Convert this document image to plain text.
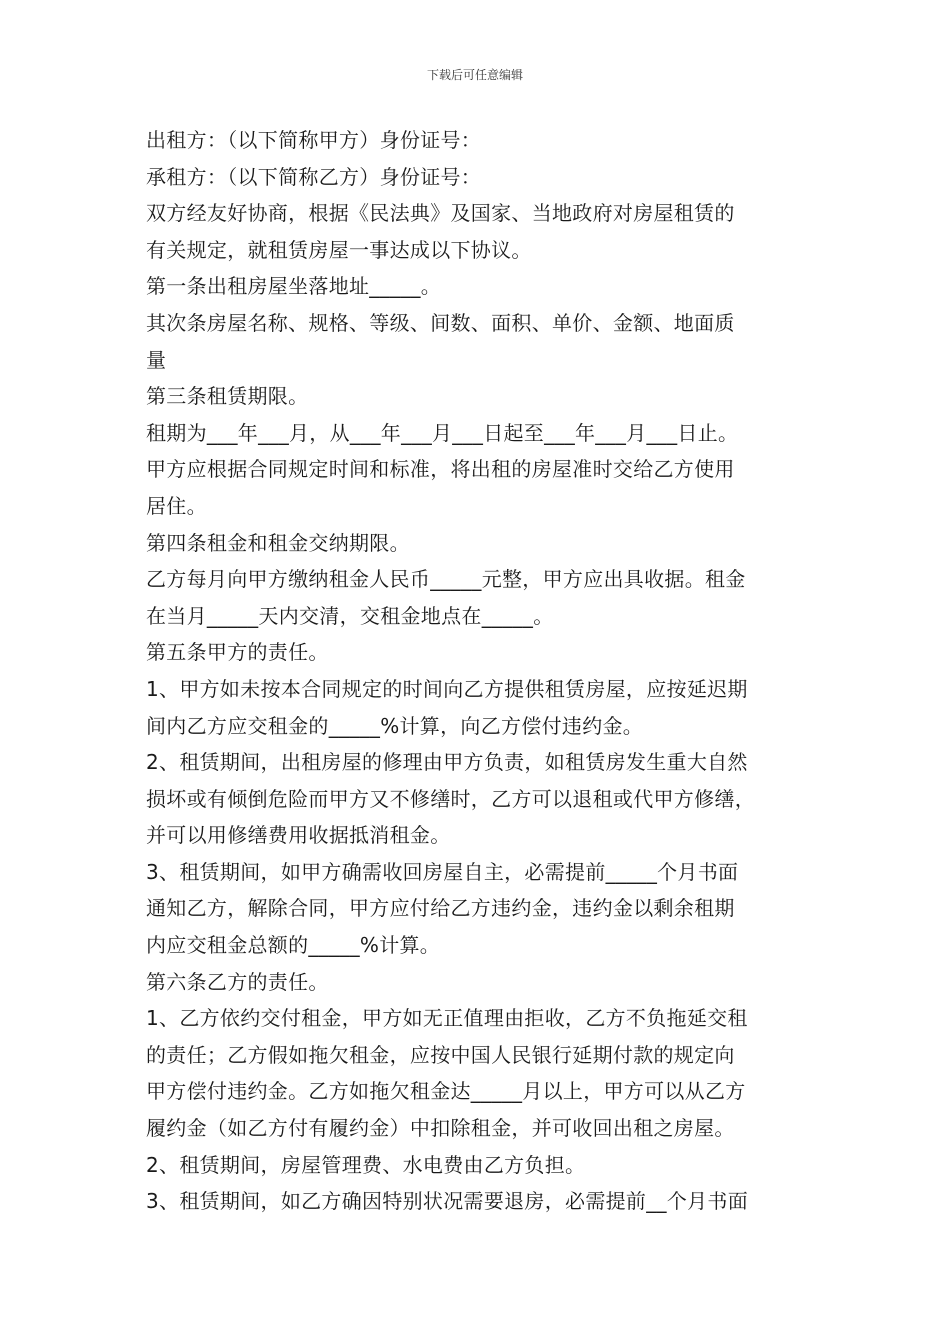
下载后可任意编辑
出租方：（以下简称甲方）身份证号：
承租方：（以下简称乙方）身份证号：
双方经友好协商，根据《民法典》及国家、当地政府对房屋租赁的
有关规定，就租赁房屋一事达成以下协议。
第一条出租房屋坐落地址_____。
其次条房屋名称、规格、等级、间数、面积、单价、金额、地面质
量
第三条租赁期限。
租期为___年___月，从___年___月___日起至___年___月___日止。
甲方应根据合同规定时间和标准，将出租的房屋准时交给乙方使用
居住。
第四条租金和租金交纳期限。
乙方每月向甲方缴纳租金人民币_____元整，甲方应出具收据。租金
在当月_____天内交清，交租金地点在_____。
第五条甲方的责任。
1、甲方如未按本合同规定的时间向乙方提供租赁房屋，应按延迟期
间内乙方应交租金的_____%计算，向乙方偿付违约金。
2、租赁期间，出租房屋的修理由甲方负责，如租赁房发生重大自然
损坏或有倾倒危险而甲方又不修缮时，乙方可以退租或代甲方修缮，
并可以用修缮费用收据抵消租金。
3、租赁期间，如甲方确需收回房屋自主，必需提前_____个月书面
通知乙方，解除合同，甲方应付给乙方违约金，违约金以剩余租期
内应交租金总额的_____%计算。
第六条乙方的责任。
1、乙方依约交付租金，甲方如无正值理由拒收，乙方不负拖延交租
的责任；乙方假如拖欠租金，应按中国人民银行延期付款的规定向
甲方偿付违约金。乙方如拖欠租金达_____月以上，甲方可以从乙方
履约金（如乙方付有履约金）中扣除租金，并可收回出租之房屋。
2、租赁期间，房屋管理费、水电费由乙方负担。
3、租赁期间，如乙方确因特别状况需要退房，必需提前__个月书面
